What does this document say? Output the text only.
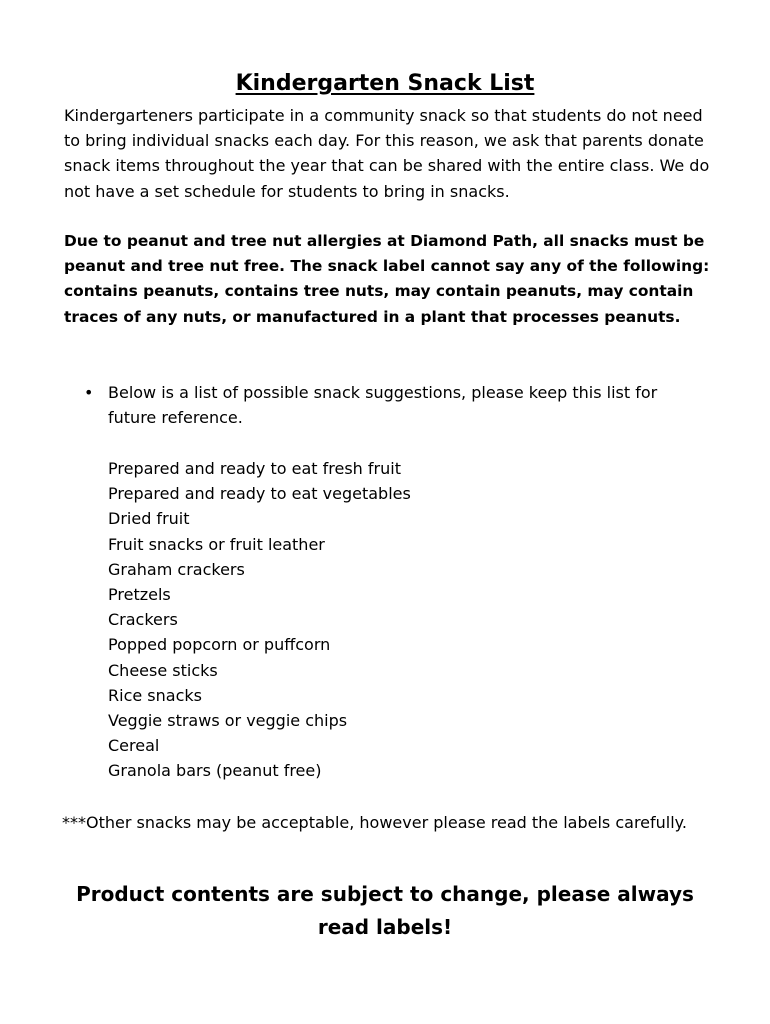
Kindergarten Snack List

Kindergarteners participate in a community snack so that students do not need to bring individual snacks each day. For this reason, we ask that parents donate snack items throughout the year that can be shared with the entire class. We do not have a set schedule for students to bring in snacks.

Due to peanut and tree nut allergies at Diamond Path, all snacks must be peanut and tree nut free. The snack label cannot say any of the following: contains peanuts, contains tree nuts, may contain peanuts, may contain traces of any nuts, or manufactured in a plant that processes peanuts.

• Below is a list of possible snack suggestions, please keep this list for future reference.

Prepared and ready to eat fresh fruit
Prepared and ready to eat vegetables
Dried fruit
Fruit snacks or fruit leather
Graham crackers
Pretzels
Crackers
Popped popcorn or puffcorn
Cheese sticks
Rice snacks
Veggie straws or veggie chips
Cereal
Granola bars (peanut free)

***Other snacks may be acceptable, however please read the labels carefully.

Product contents are subject to change, please always read labels!
